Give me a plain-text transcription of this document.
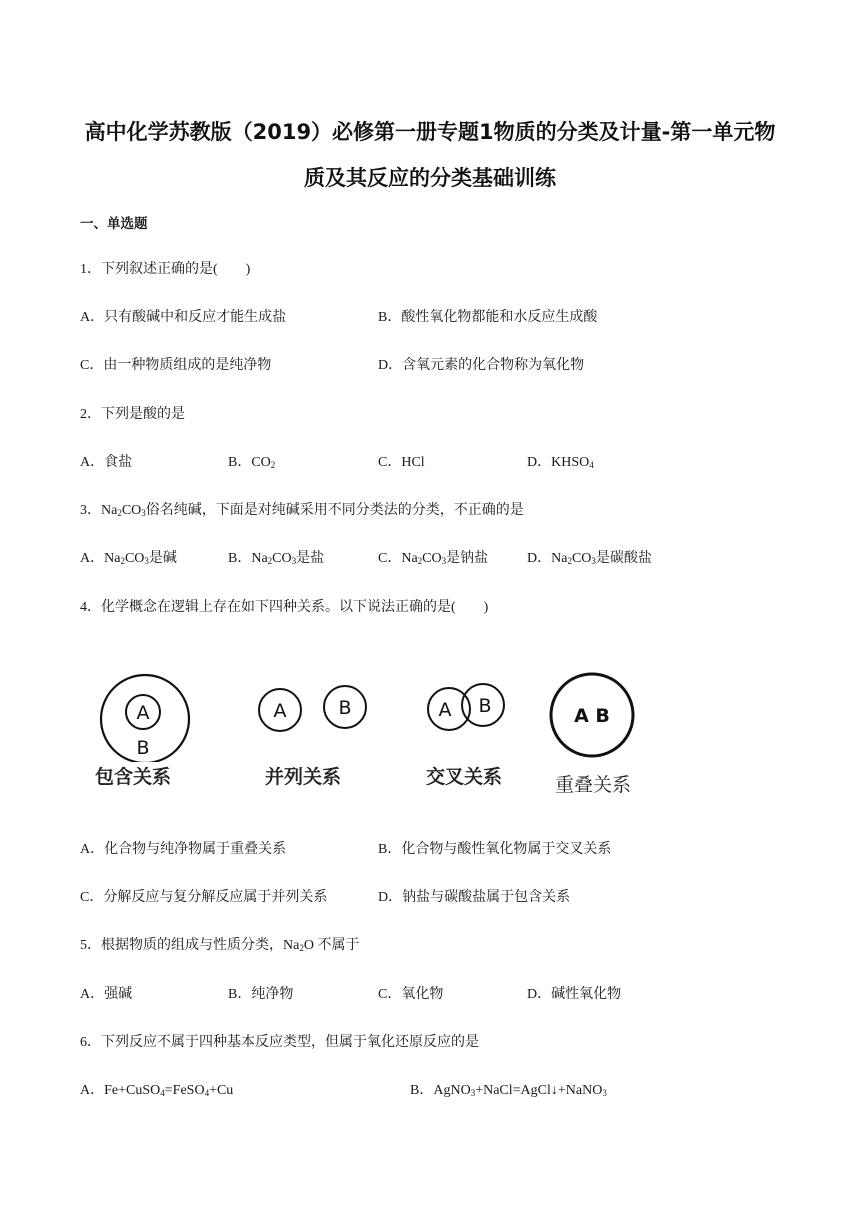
高中化学苏教版（2019）必修第一册专题1物质的分类及计量-第一单元物
质及其反应的分类基础训练
一、单选题
1．下列叙述正确的是(　　)
A．只有酸碱中和反应才能生成盐	B．酸性氧化物都能和水反应生成酸
C．由一种物质组成的是纯净物	D．含氧元素的化合物称为氧化物
2．下列是酸的是
A．食盐	B．$CO_2$	C．HCl	D．$KHSO_4$
3．$Na_2CO_3$俗名纯碱，下面是对纯碱采用不同分类法的分类，不正确的是
A．$Na_2CO_3$是碱	B．$Na_2CO_3$是盐	C．$Na_2CO_3$是钠盐	D．$Na_2CO_3$是碳酸盐
4．化学概念在逻辑上存在如下四种关系。以下说法正确的是(　　)
A
B
A	B	A B	A B
包含关系	并列关系	交叉关系	重叠关系
A．化合物与纯净物属于重叠关系	B．化合物与酸性氧化物属于交叉关系
C．分解反应与复分解反应属于并列关系	D．钠盐与碳酸盐属于包含关系
5．根据物质的组成与性质分类，$Na_2O$ 不属于
A．强碱	B．纯净物	C．氧化物	D．碱性氧化物
6．下列反应不属于四种基本反应类型，但属于氧化还原反应的是
A．Fe+CuSO$_4$=FeSO$_4$+Cu	B．AgNO$_3$+NaCl=AgCl↓+NaNO$_3$
